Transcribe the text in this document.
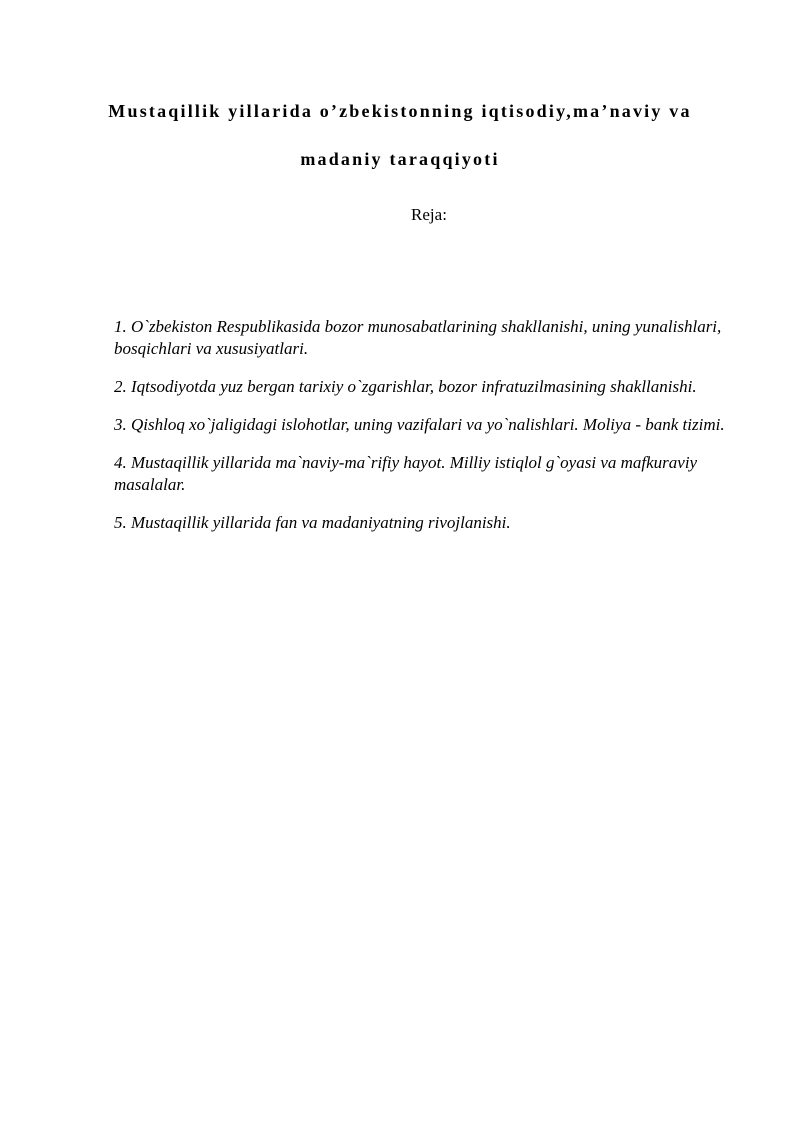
Mustaqillik yillarida o’zbekistonning iqtisodiy,ma’naviy va
madaniy taraqqiyoti
Reja:
1. O`zbekiston Respublikasida bozor munosabatlarining shakllanishi, uning yunalishlari, bosqichlari va xususiyatlari.
2. Iqtsodiyotda yuz bergan tarixiy o`zgarishlar, bozor infratuzilmasining shakllanishi.
3. Qishloq xo`jaligidagi islohotlar, uning vazifalari va yo`nalishlari. Moliya - bank tizimi.
4. Mustaqillik yillarida ma`naviy-ma`rifiy hayot. Milliy istiqlol g`oyasi va mafkuraviy masalalar.
5. Mustaqillik yillarida fan va madaniyatning rivojlanishi.
